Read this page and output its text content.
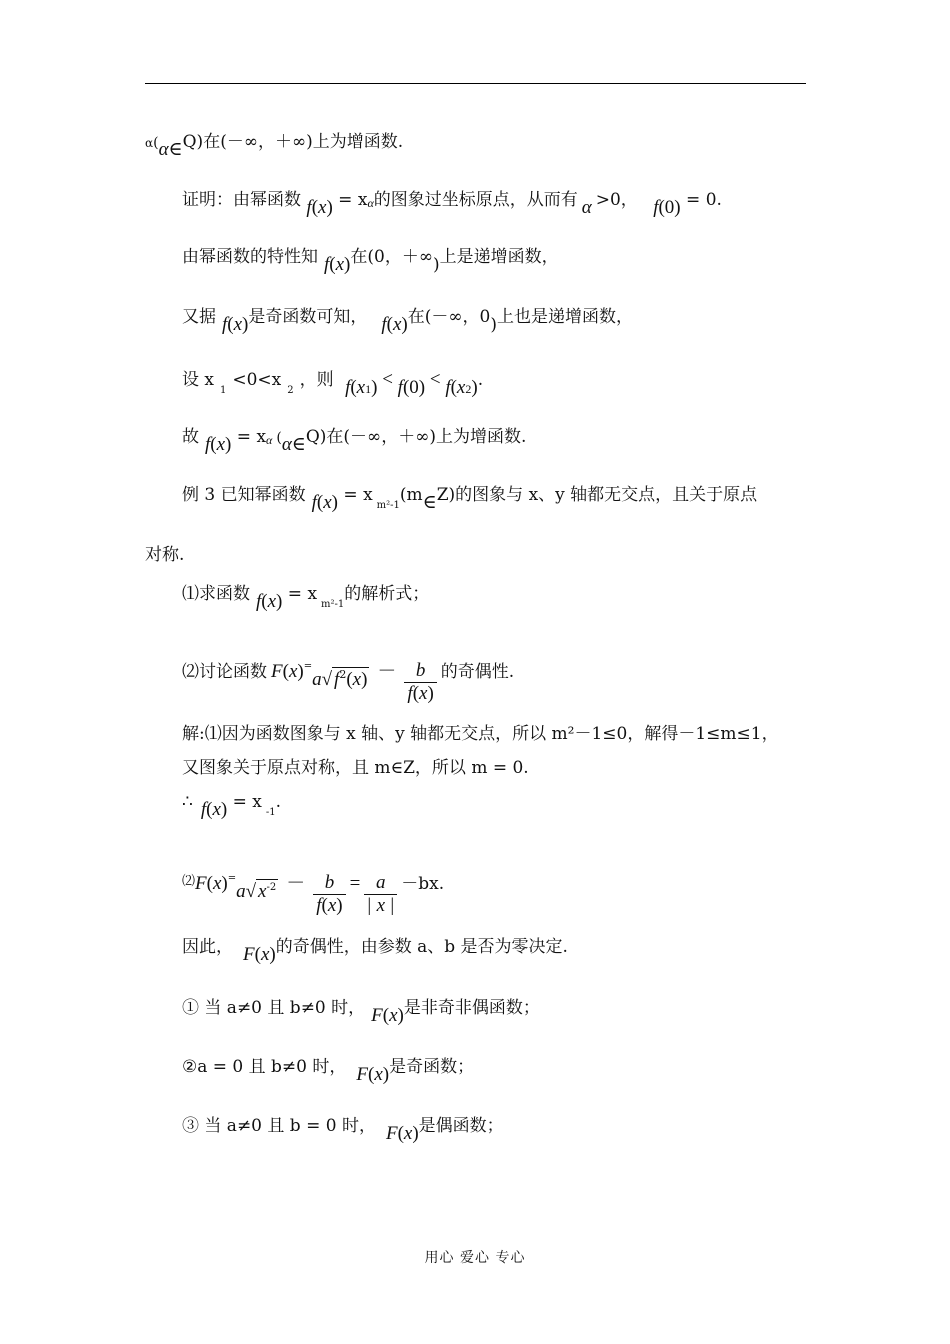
α(α∈Q)在(－∞，＋∞)上为增函数.
证明：由幂函数 f(x) = xα的图象过坐标原点，从而有 α >0， f(0) = 0.
由幂函数的特性知 f(x)在(0，＋∞)上是递增函数，
又据 f(x)是奇函数可知， f(x)在(－∞，0)上也是递增函数，
设 $x_1<0<x_2$，则 $f(x_1) < f(0) < f(x_2)$.
故 f(x) = xα (α∈Q)在(－∞，＋∞)上为增函数.
例 3 已知幂函数 $f(x) = x_{m^2-1}(m\in Z)$的图象与 x、y 轴都无交点，且关于原点
对称.
⑴求函数 $f(x) = x_{m^2-1}$的解析式；
⑵讨论函数 F(x)=a√ $f^2(x) - \frac{b}{f(x)}$ 的奇偶性.
解:⑴因为函数图象与 x 轴、y 轴都无交点，所以 m²－1≤0，解得－1≤m≤1，
又图象关于原点对称，且 m∈Z，所以 m = 0.
∴ $f(x) = x_{-1}$.
⑵F(x)=a√ $x^{-2} - \frac{b}{f(x)} = \frac{a}{| x |} -bx$.
因此， F(x)的奇偶性，由参数 a、b 是否为零决定.
① 当 a≠0 且 b≠0 时， F(x)是非奇非偶函数；
②a = 0 且 b≠0 时， F(x)是奇函数；
③ 当 a≠0 且 b = 0 时， F(x)是偶函数；
用心 爱心 专心
